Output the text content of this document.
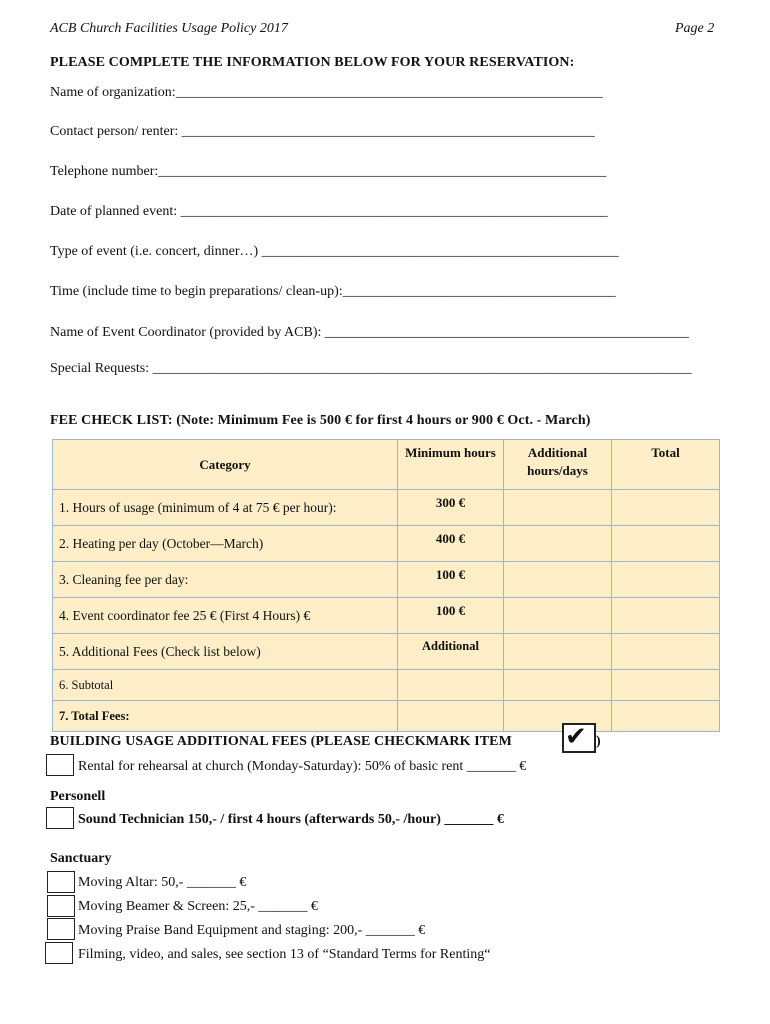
ACB Church Facilities Usage Policy 2017	Page 2
PLEASE COMPLETE THE INFORMATION BELOW FOR YOUR RESERVATION:
Name of organization:_____________________________________________________________
Contact person/ renter: ___________________________________________________________
Telephone number:________________________________________________________________
Date of planned event: _____________________________________________________________
Type of event (i.e. concert, dinner…) ___________________________________________________
Time (include time to begin preparations/ clean-up):_______________________________________
Name of Event Coordinator (provided by ACB): ____________________________________________________
Special Requests: _____________________________________________________________________________
FEE CHECK LIST: (Note: Minimum Fee is 500 € for first 4 hours or 900 € Oct. - March)
Category	Minimum hours	Additional hours/days	Total
1. Hours of usage (minimum of 4 at 75 € per hour):	300 €		
2. Heating per day (October—March)	400 €		
3. Cleaning fee per day:	100 €		
4. Event coordinator fee 25 € (First 4 Hours) €	100 €		
5. Additional Fees (Check list below)	Additional		
6. Subtotal			
7. Total Fees:			
BUILDING USAGE ADDITIONAL FEES (PLEASE CHECKMARK ITEM ✔ )
Rental for rehearsal at church (Monday-Saturday): 50% of basic rent _______ €
Personell
Sound Technician 150,- / first 4 hours (afterwards 50,- /hour) _______ €
Sanctuary
Moving Altar: 50,- _______ €
Moving Beamer & Screen: 25,- _______ €
Moving Praise Band Equipment and staging: 200,- _______ €
Filming, video, and sales, see section 13 of “Standard Terms for Renting“
